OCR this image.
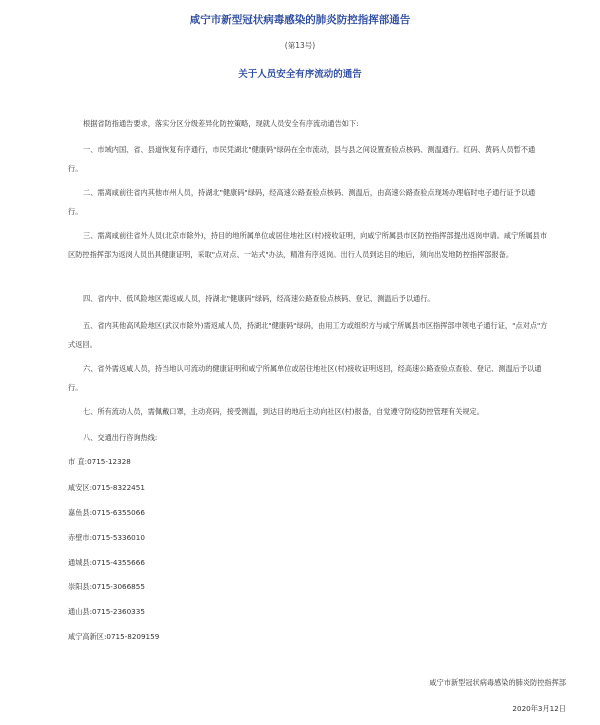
咸宁市新型冠状病毒感染的肺炎防控指挥部通告
(第13号)
关于人员安全有序流动的通告

根据省防指通告要求，落实分区分级差异化防控策略，现就人员安全有序流动通告如下:

一、市域内国、省、县道恢复有序通行，市民凭湖北"健康码"绿码在全市流动，县与县之间设置查验点核码、测温通行。红码、黄码人员暂不通行。

二、需离咸前往省内其他市州人员，持湖北"健康码"绿码，经高速公路查验点核码、测温后，由高速公路查验点现场办理临时电子通行证予以通行。

三、需离咸前往省外人员(北京市除外)，持目的地所属单位或居住地社区(村)接收证明，向咸宁所属县市区防控指挥部提出返岗申请。咸宁所属县市区防控指挥部为返岗人员出具健康证明，采取"点对点、一站式"办法，精准有序返岗。出行人员到达目的地后，须向出发地防控指挥部报备。

四、省内中、低风险地区需返咸人员，持湖北"健康码"绿码，经高速公路查验点核码、登记、测温后予以通行。

五、省内其他高风险地区(武汉市除外)需返咸人员，持湖北"健康码"绿码，由用工方或组织方与咸宁所属县市区指挥部申领电子通行证，"点对点"方式返回。

六、省外需返咸人员，持当地认可流动的健康证明和咸宁所属单位或居住地社区(村)接收证明返回，经高速公路查验点查验、登记、测温后予以通行。

七、所有流动人员，需佩戴口罩，主动亮码，接受测温，到达目的地后主动向社区(村)报备，自觉遵守防疫防控管理有关规定。

八、交通出行咨询热线:

市 直:0715-12328
咸安区:0715-8322451
嘉鱼县:0715-6355066
赤壁市:0715-5336010
通城县:0715-4355666
崇阳县:0715-3066855
通山县:0715-2360335
咸宁高新区:0715-8209159
咸宁市新型冠状病毒感染的肺炎防控指挥部
2020年3月12日
